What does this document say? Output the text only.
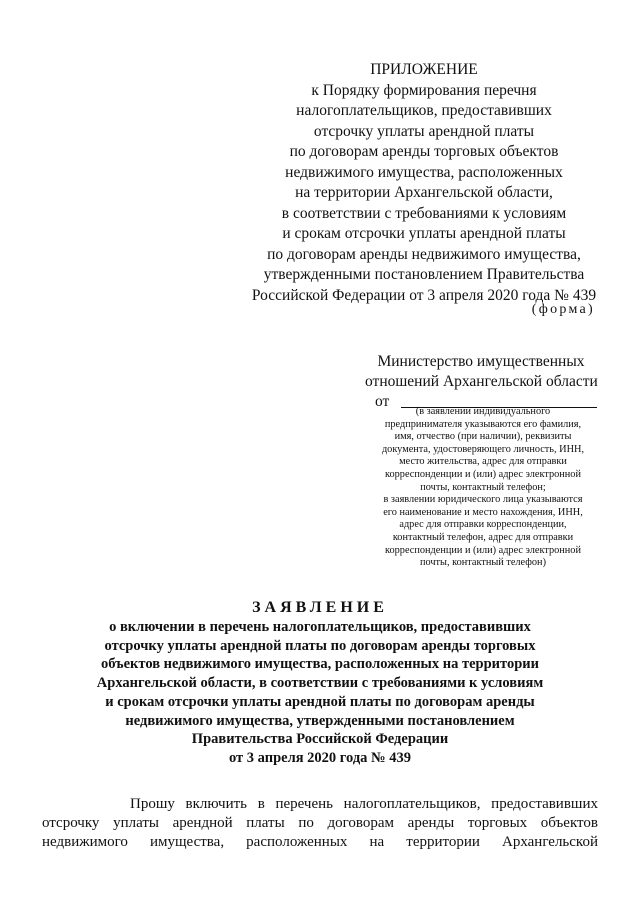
ПРИЛОЖЕНИЕ
к Порядку формирования перечня
налогоплательщиков, предоставивших
отсрочку уплаты арендной платы
по договорам аренды торговых объектов
недвижимого имущества, расположенных
на территории Архангельской области,
в соответствии с требованиями к условиям
и срокам отсрочки уплаты арендной платы
по договорам аренды недвижимого имущества,
утвержденными постановлением Правительства
Российской Федерации от 3 апреля 2020 года № 439
(форма)
Министерство имущественных
отношений Архангельской области
от
(в заявлении индивидуального
предпринимателя указываются его фамилия,
имя, отчество (при наличии), реквизиты
документа, удостоверяющего личность, ИНН,
место жительства, адрес для отправки
корреспонденции и (или) адрес электронной
почты, контактный телефон;
в заявлении юридического лица указываются
его наименование и место нахождения, ИНН,
адрес для отправки корреспонденции,
контактный телефон, адрес для отправки
корреспонденции и (или) адрес электронной
почты, контактный телефон)
ЗАЯВЛЕНИЕ
о включении в перечень налогоплательщиков, предоставивших
отсрочку уплаты арендной платы по договорам аренды торговых
объектов недвижимого имущества, расположенных на территории
Архангельской области, в соответствии с требованиями к условиям
и срокам отсрочки уплаты арендной платы по договорам аренды
недвижимого имущества, утвержденными постановлением
Правительства Российской Федерации
от 3 апреля 2020 года № 439
Прошу включить в перечень налогоплательщиков, предоставивших
отсрочку уплаты арендной платы по договорам аренды торговых объектов
недвижимого имущества, расположенных на территории Архангельской
